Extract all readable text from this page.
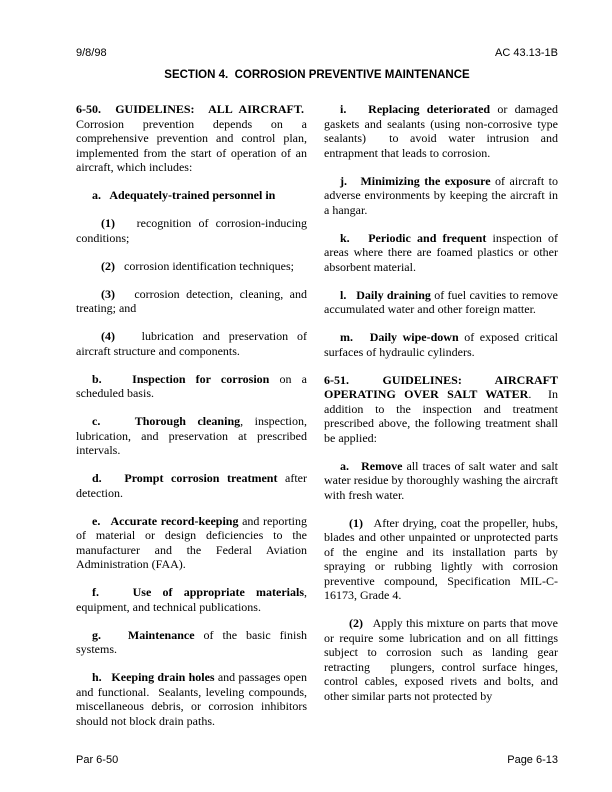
9/8/98	AC 43.13-1B
SECTION 4.  CORROSION PREVENTIVE MAINTENANCE

6-50.  GUIDELINES:  ALL AIRCRAFT.  Corrosion prevention depends on a comprehensive prevention and control plan, implemented from the start of operation of an aircraft, which includes:

a.   Adequately-trained personnel in

(1)   recognition of corrosion-inducing conditions;

(2)   corrosion identification techniques;

(3)   corrosion detection, cleaning, and treating; and

(4)   lubrication and preservation of aircraft structure and components.

b.   Inspection for corrosion on a scheduled basis.

c.   Thorough cleaning, inspection, lubrication, and preservation at prescribed intervals.

d.   Prompt corrosion treatment after detection.

e.   Accurate record-keeping and reporting of material or design deficiencies to the manufacturer and the Federal Aviation Administration (FAA).

f.   Use of appropriate materials, equipment, and technical publications.

g.   Maintenance of the basic finish systems.

h.   Keeping drain holes and passages open and functional.  Sealants, leveling compounds, miscellaneous debris, or corrosion inhibitors should not block drain paths.

i.   Replacing deteriorated or damaged gaskets and sealants (using non-corrosive type sealants)  to avoid water intrusion and entrapment that leads to corrosion.

j.   Minimizing the exposure of aircraft to adverse environments by keeping the aircraft in a hangar.

k.   Periodic and frequent inspection of areas where there are foamed plastics or other absorbent material.

l.   Daily draining of fuel cavities to remove accumulated water and other foreign matter.

m.   Daily wipe-down of exposed critical surfaces of hydraulic cylinders.

6-51.  GUIDELINES:  AIRCRAFT OPERATING OVER SALT WATER.  In addition to the inspection and treatment prescribed above, the following treatment shall be applied:

a.   Remove all traces of salt water and salt water residue by thoroughly washing the aircraft with fresh water.

(1)   After drying, coat the propeller, hubs, blades and other unpainted or unprotected parts of the engine and its installation parts by spraying or rubbing lightly with corrosion preventive compound, Specification MIL-C-16173, Grade 4.

(2)   Apply this mixture on parts that move or require some lubrication and on all fittings subject to corrosion such as landing gear retracting   plungers, control surface hinges, control cables, exposed rivets and bolts, and other similar parts not protected by

Par 6-50	Page 6-13
